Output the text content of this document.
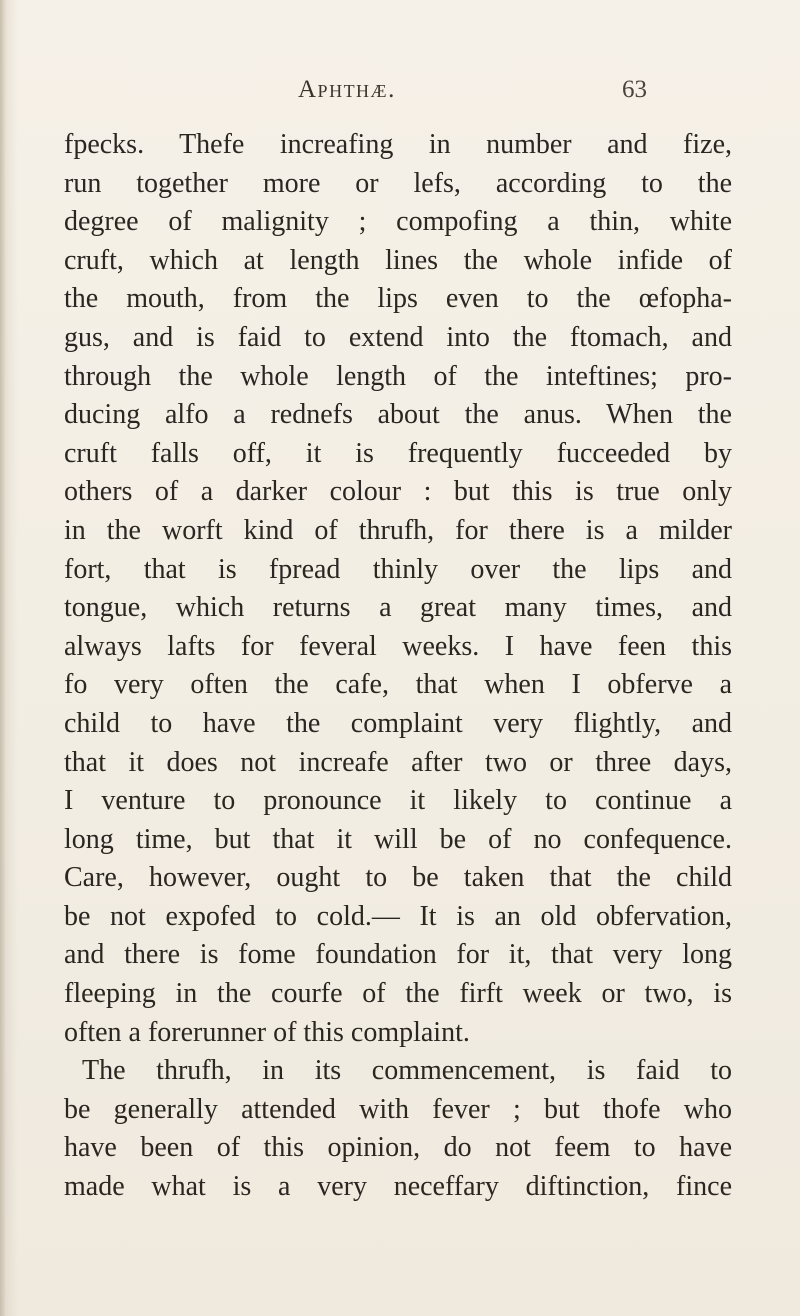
Aphthæ.	63
fpecks. Thefe increafing in number and fize,
run together more or lefs, according to the
degree of malignity ; compofing a thin, white
cruft, which at length lines the whole infide of
the mouth, from the lips even to the œfopha-
gus, and is faid to extend into the ftomach, and
through the whole length of the inteftines; pro-
ducing alfo a rednefs about the anus. When the
cruft falls off, it is frequently fucceeded by
others of a darker colour : but this is true only
in the worft kind of thrufh, for there is a milder
fort, that is fpread thinly over the lips and
tongue, which returns a great many times, and
always lafts for feveral weeks. I have feen this
fo very often the cafe, that when I obferve a
child to have the complaint very flightly, and
that it does not increafe after two or three days,
I venture to pronounce it likely to continue a
long time, but that it will be of no confequence.
Care, however, ought to be taken that the child
be not expofed to cold.— It is an old obfervation,
and there is fome foundation for it, that very long
fleeping in the courfe of the firft week or two, is
often a forerunner of this complaint.
The thrufh, in its commencement, is faid to
be generally attended with fever ; but thofe who
have been of this opinion, do not feem to have
made what is a very neceffary diftinction, fince
